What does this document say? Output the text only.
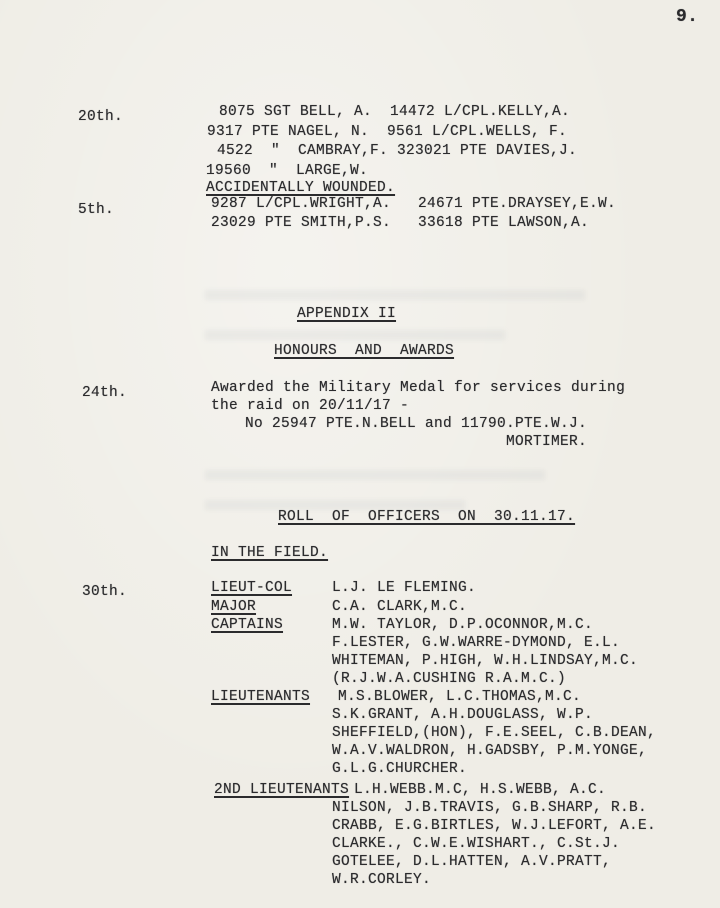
9.
20th.	8075 SGT BELL, A.  14472 L/CPL.KELLY,A.
9317 PTE NAGEL, N.  9561 L/CPL.WELLS, F.
4522  "  CAMBRAY,F. 323021 PTE DAVIES,J.
19560  "  LARGE,W.
ACCIDENTALLY WOUNDED.
5th.	9287 L/CPL.WRIGHT,A.   24671 PTE.DRAYSEY,E.W.
23029 PTE SMITH,P.S.   33618 PTE LAWSON,A.
APPENDIX II
HONOURS  AND  AWARDS
24th.	Awarded the Military Medal for services during
the raid on 20/11/17 -
No 25947 PTE.N.BELL and 11790.PTE.W.J.
MORTIMER.
ROLL  OF  OFFICERS  ON  30.11.17.
IN THE FIELD.
30th.	LIEUT-COL	L.J. LE FLEMING.
MAJOR	C.A. CLARK,M.C.
CAPTAINS	M.W. TAYLOR, D.P.OCONNOR,M.C.
F.LESTER, G.W.WARRE-DYMOND, E.L.
WHITEMAN, P.HIGH, W.H.LINDSAY,M.C.
(R.J.W.A.CUSHING R.A.M.C.)
LIEUTENANTS M.S.BLOWER, L.C.THOMAS,M.C.
S.K.GRANT, A.H.DOUGLASS, W.P.
SHEFFIELD,(HON), F.E.SEEL, C.B.DEAN,
W.A.V.WALDRON, H.GADSBY, P.M.YONGE,
G.L.G.CHURCHER.
2ND LIEUTENANTS L.H.WEBB.M.C, H.S.WEBB, A.C.
NILSON, J.B.TRAVIS, G.B.SHARP, R.B.
CRABB, E.G.BIRTLES, W.J.LEFORT, A.E.
CLARKE., C.W.E.WISHART., C.St.J.
GOTELEE, D.L.HATTEN, A.V.PRATT,
W.R.CORLEY.
